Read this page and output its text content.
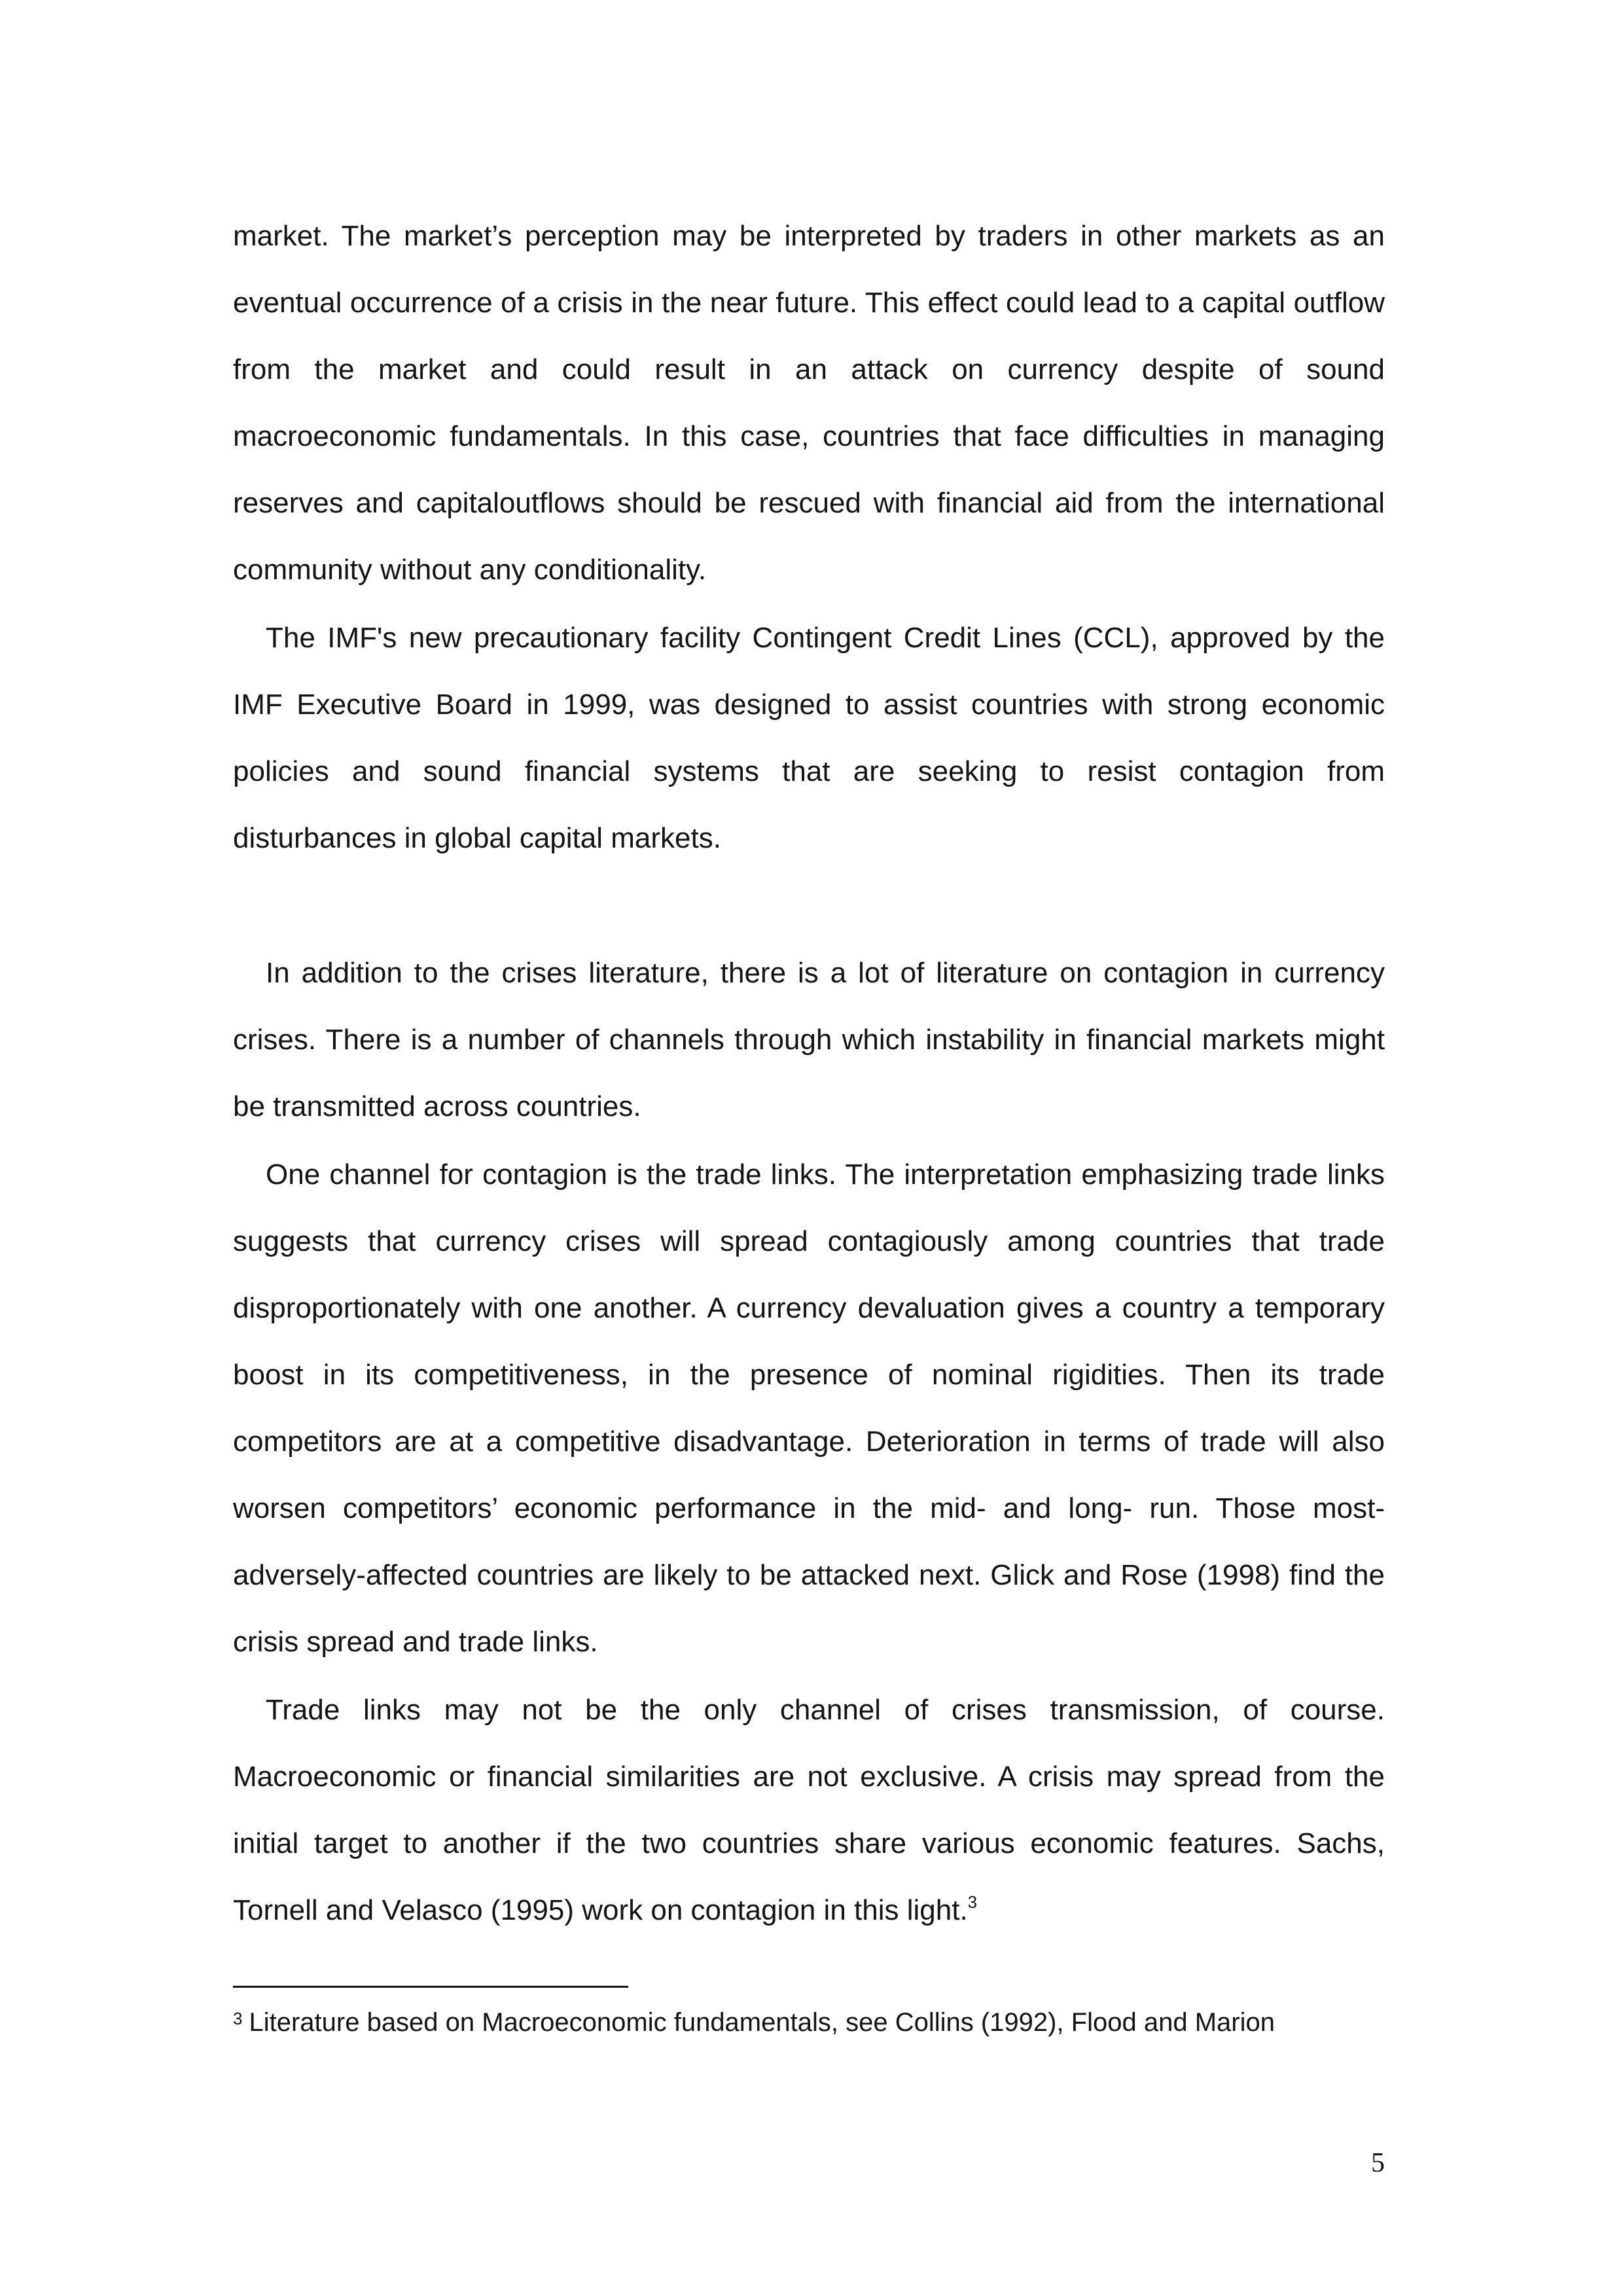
market. The market’s perception may be interpreted by traders in other markets as an eventual occurrence of a crisis in the near future. This effect could lead to a capital outflow from the market and could result in an attack on currency despite of sound macroeconomic fundamentals. In this case, countries that face difficulties in managing reserves and capitaloutflows should be rescued with financial aid from the international community without any conditionality.

The IMF's new precautionary facility Contingent Credit Lines (CCL), approved by the IMF Executive Board in 1999, was designed to assist countries with strong economic policies and sound financial systems that are seeking to resist contagion from disturbances in global capital markets.

In addition to the crises literature, there is a lot of literature on contagion in currency crises. There is a number of channels through which instability in financial markets might be transmitted across countries.

One channel for contagion is the trade links. The interpretation emphasizing trade links suggests that currency crises will spread contagiously among countries that trade disproportionately with one another. A currency devaluation gives a country a temporary boost in its competitiveness, in the presence of nominal rigidities. Then its trade competitors are at a competitive disadvantage. Deterioration in terms of trade will also worsen competitors’ economic performance in the mid- and long- run. Those most-adversely-affected countries are likely to be attacked next. Glick and Rose (1998) find the crisis spread and trade links.

Trade links may not be the only channel of crises transmission, of course. Macroeconomic or financial similarities are not exclusive. A crisis may spread from the initial target to another if the two countries share various economic features. Sachs, Tornell and Velasco (1995) work on contagion in this light.$^3$

$^3$ Literature based on Macroeconomic fundamentals, see Collins (1992), Flood and Marion

5
